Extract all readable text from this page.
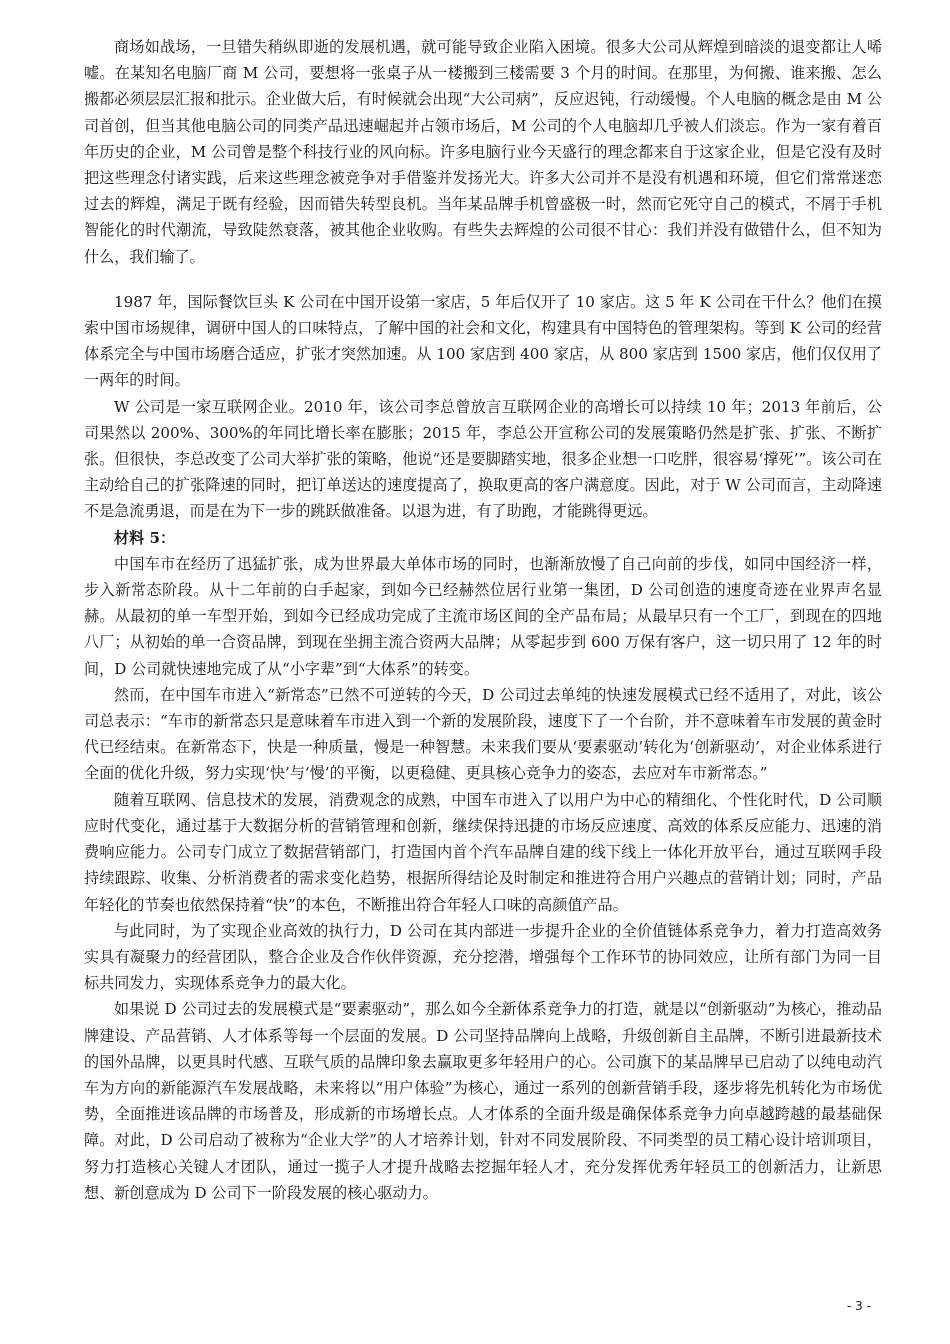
商场如战场，一旦错失稍纵即逝的发展机遇，就可能导致企业陷入困境。很多大公司从辉煌到暗淡的退变都让人唏嘘。在某知名电脑厂商 M 公司，要想将一张桌子从一楼搬到三楼需要 3 个月的时间。在那里，为何搬、谁来搬、怎么搬都必须层层汇报和批示。企业做大后，有时候就会出现“大公司病”，反应迟钝，行动缓慢。个人电脑的概念是由 M 公司首创，但当其他电脑公司的同类产品迅速崛起并占领市场后，M 公司的个人电脑却几乎被人们淡忘。作为一家有着百年历史的企业，M 公司曾是整个科技行业的风向标。许多电脑行业今天盛行的理念都来自于这家企业，但是它没有及时把这些理念付诸实践，后来这些理念被竞争对手借鉴并发扬光大。许多大公司并不是没有机遇和环境，但它们常常迷恋过去的辉煌，满足于既有经验，因而错失转型良机。当年某品牌手机曾盛极一时，然而它死守自己的模式，不屑于手机智能化的时代潮流，导致陡然衰落，被其他企业收购。有些失去辉煌的公司很不甘心：我们并没有做错什么，但不知为什么，我们输了。

1987 年，国际餐饮巨头 K 公司在中国开设第一家店，5 年后仅开了 10 家店。这 5 年 K 公司在干什么？他们在摸索中国市场规律，调研中国人的口味特点，了解中国的社会和文化，构建具有中国特色的管理架构。等到 K 公司的经营体系完全与中国市场磨合适应，扩张才突然加速。从 100 家店到 400 家店，从 800 家店到 1500 家店，他们仅仅用了一两年的时间。

W 公司是一家互联网企业。2010 年，该公司李总曾放言互联网企业的高增长可以持续 10 年；2013 年前后，公司果然以 200%、300%的年同比增长率在膨胀；2015 年，李总公开宣称公司的发展策略仍然是扩张、扩张、不断扩张。但很快，李总改变了公司大举扩张的策略，他说“还是要脚踏实地，很多企业想一口吃胖，很容易‘撑死’”。该公司在主动给自己的扩张降速的同时，把订单送达的速度提高了，换取更高的客户满意度。因此，对于 W 公司而言，主动降速不是急流勇退，而是在为下一步的跳跃做准备。以退为进，有了助跑，才能跳得更远。

材料 5：

中国车市在经历了迅猛扩张，成为世界最大单体市场的同时，也渐渐放慢了自己向前的步伐，如同中国经济一样，步入新常态阶段。从十二年前的白手起家，到如今已经赫然位居行业第一集团，D 公司创造的速度奇迹在业界声名显赫。从最初的单一车型开始，到如今已经成功完成了主流市场区间的全产品布局；从最早只有一个工厂，到现在的四地八厂；从初始的单一合资品牌，到现在坐拥主流合资两大品牌；从零起步到 600 万保有客户，这一切只用了 12 年的时间，D 公司就快速地完成了从“小字辈”到“大体系”的转变。

然而，在中国车市进入“新常态”已然不可逆转的今天，D 公司过去单纯的快速发展模式已经不适用了，对此，该公司总表示：“车市的新常态只是意味着车市进入到一个新的发展阶段，速度下了一个台阶，并不意味着车市发展的黄金时代已经结束。在新常态下，快是一种质量，慢是一种智慧。未来我们要从‘要素驱动’转化为‘创新驱动’，对企业体系进行全面的优化升级，努力实现‘快’与‘慢’的平衡，以更稳健、更具核心竞争力的姿态，去应对车市新常态。”

随着互联网、信息技术的发展，消费观念的成熟，中国车市进入了以用户为中心的精细化、个性化时代，D 公司顺应时代变化，通过基于大数据分析的营销管理和创新，继续保持迅捷的市场反应速度、高效的体系反应能力、迅速的消费响应能力。公司专门成立了数据营销部门，打造国内首个汽车品牌自建的线下线上一体化开放平台，通过互联网手段持续跟踪、收集、分析消费者的需求变化趋势，根据所得结论及时制定和推进符合用户兴趣点的营销计划；同时，产品年轻化的节奏也依然保持着“快”的本色，不断推出符合年轻人口味的高颜值产品。

与此同时，为了实现企业高效的执行力，D 公司在其内部进一步提升企业的全价值链体系竞争力，着力打造高效务实具有凝聚力的经营团队，整合企业及合作伙伴资源，充分挖潜，增强每个工作环节的协同效应，让所有部门为同一目标共同发力，实现体系竞争力的最大化。

如果说 D 公司过去的发展模式是“要素驱动”，那么如今全新体系竞争力的打造，就是以“创新驱动”为核心，推动品牌建设、产品营销、人才体系等每一个层面的发展。D 公司坚持品牌向上战略，升级创新自主品牌，不断引进最新技术的国外品牌，以更具时代感、互联气质的品牌印象去赢取更多年轻用户的心。公司旗下的某品牌早已启动了以纯电动汽车为方向的新能源汽车发展战略，未来将以“用户体验”为核心，通过一系列的创新营销手段，逐步将先机转化为市场优势，全面推进该品牌的市场普及，形成新的市场增长点。人才体系的全面升级是确保体系竞争力向卓越跨越的最基础保障。对此，D 公司启动了被称为“企业大学”的人才培养计划，针对不同发展阶段、不同类型的员工精心设计培训项目，努力打造核心关键人才团队，通过一揽子人才提升战略去挖掘年轻人才，充分发挥优秀年轻员工的创新活力，让新思想、新创意成为 D 公司下一阶段发展的核心驱动力。

- 3 -
